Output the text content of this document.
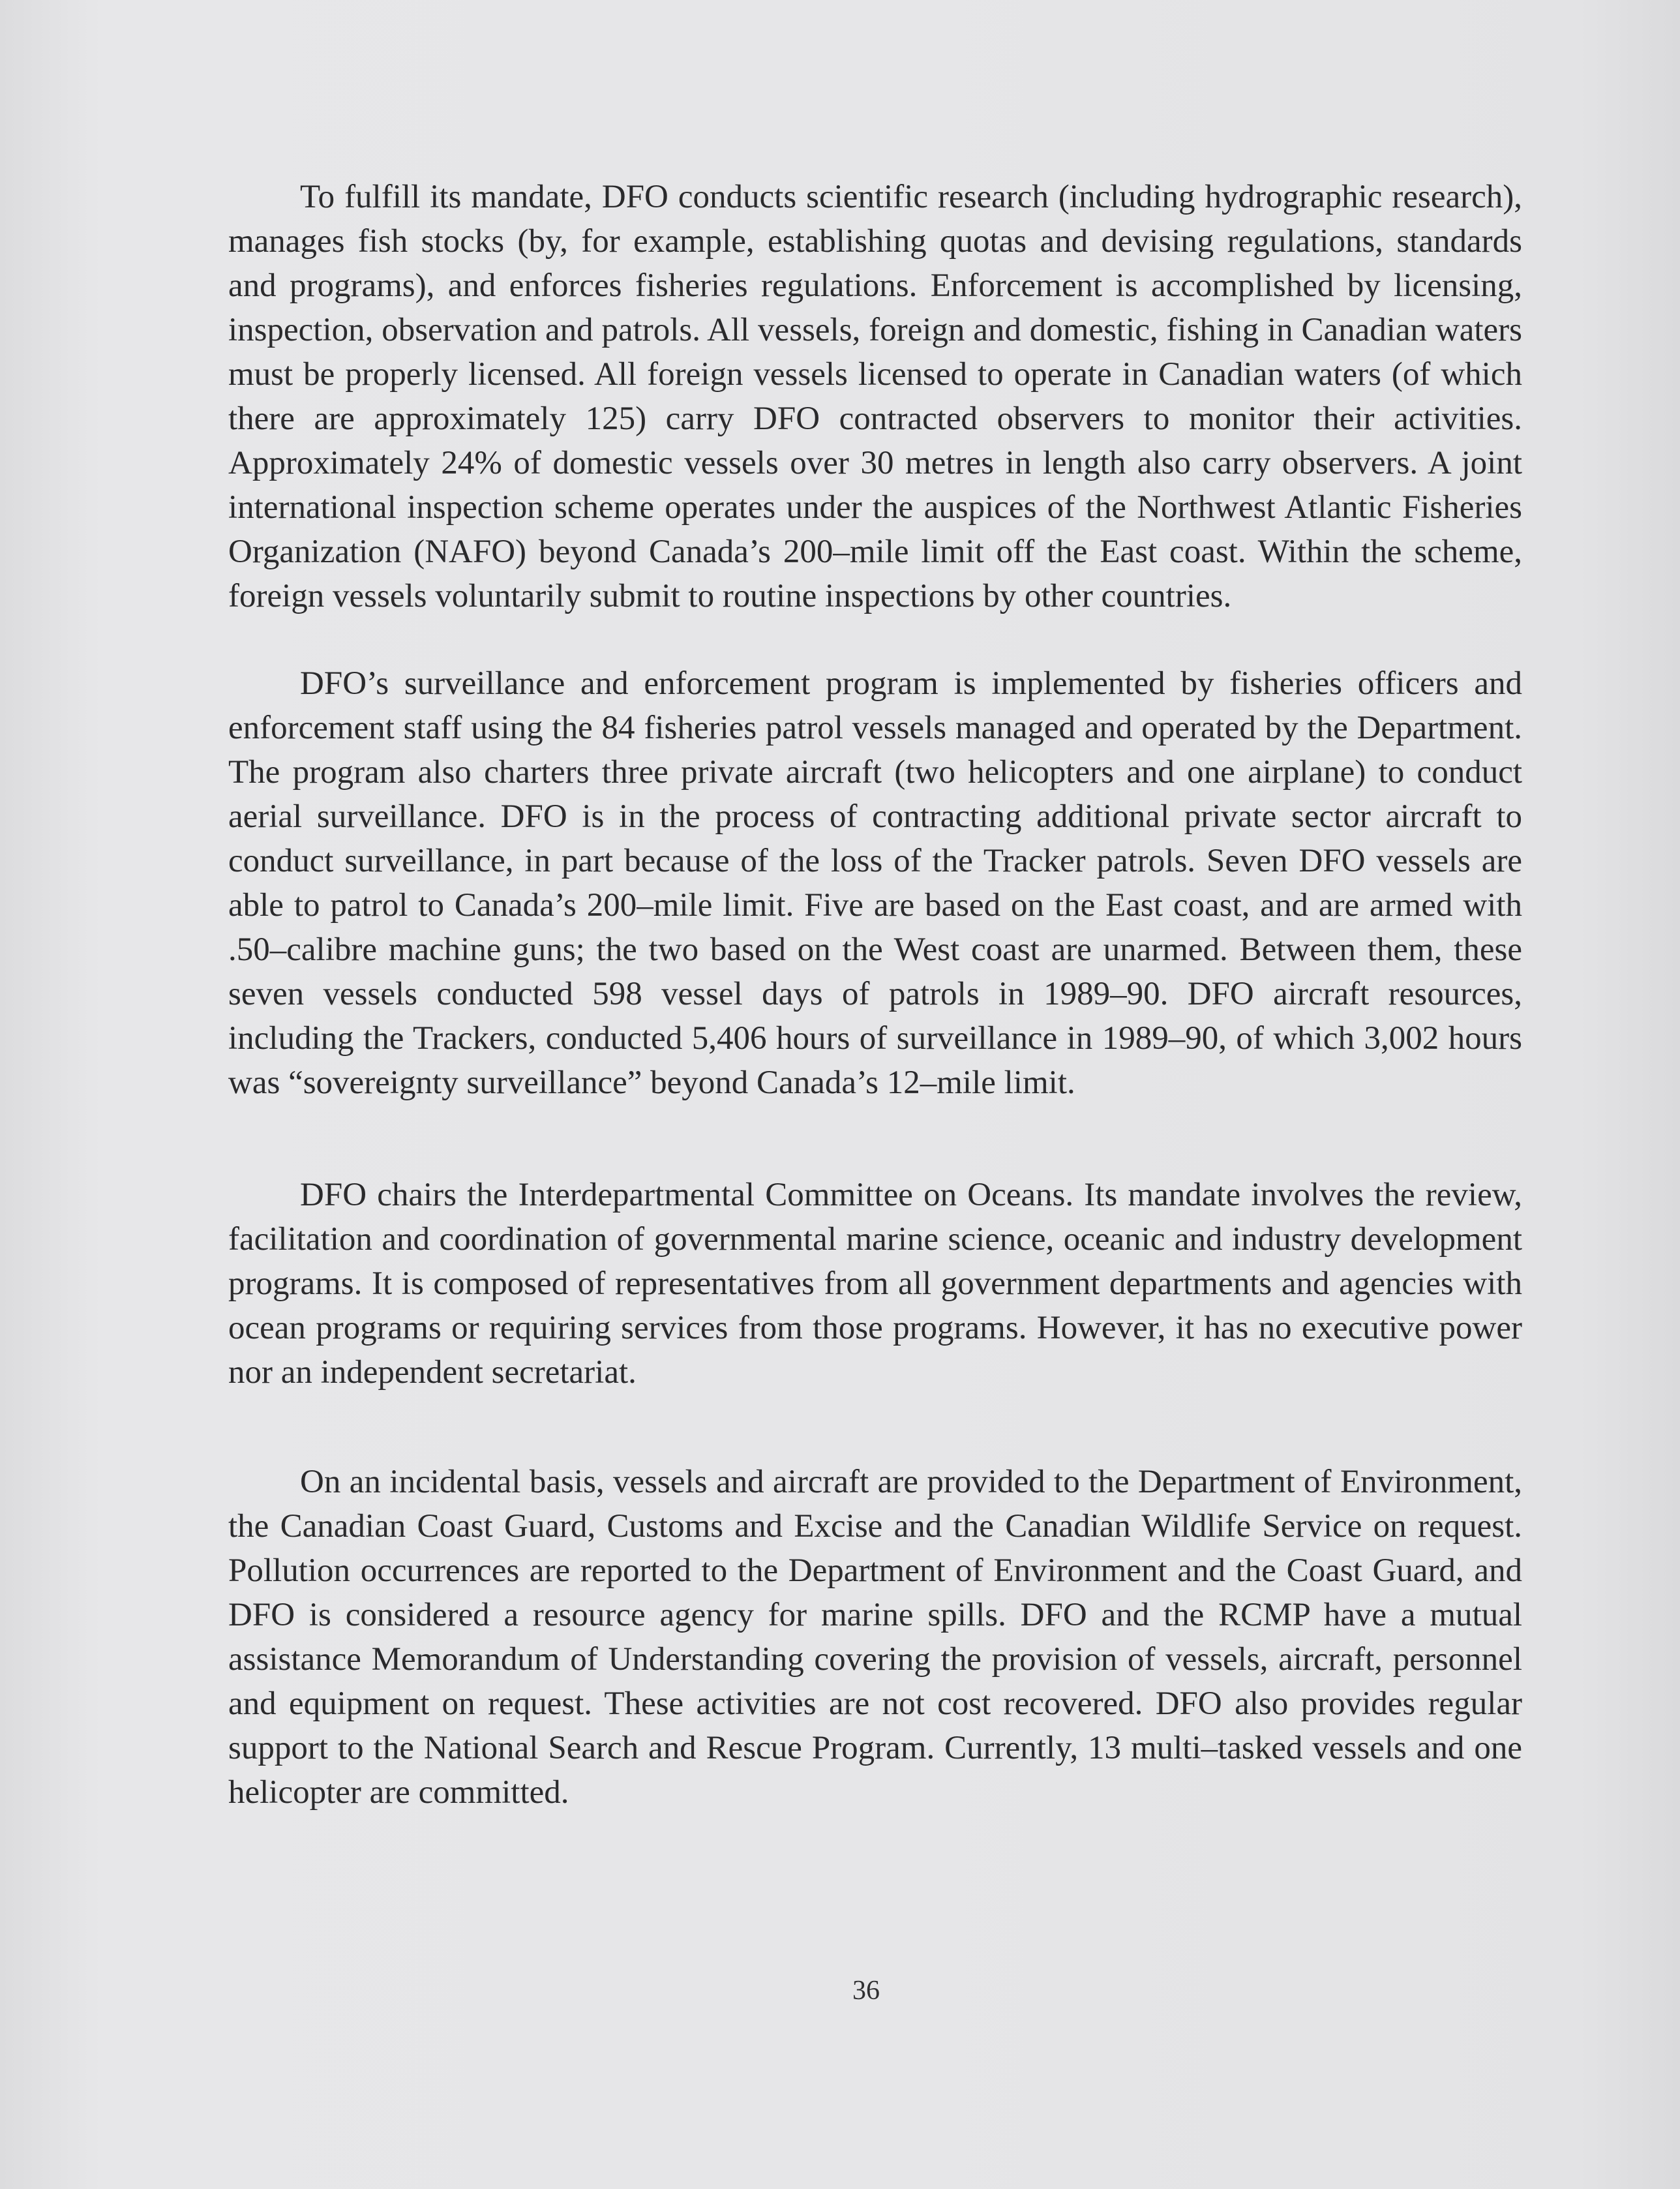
To fulfill its mandate, DFO conducts scientific research (including hydrographic research), manages fish stocks (by, for example, establishing quotas and devising regulations, standards and programs), and enforces fisheries regulations. Enforcement is accomplished by licensing, inspection, observation and patrols. All vessels, foreign and domestic, fishing in Canadian waters must be properly licensed. All foreign vessels licensed to operate in Canadian waters (of which there are approximately 125) carry DFO contracted observers to monitor their activities. Approximately 24% of domestic vessels over 30 metres in length also carry observers. A joint international inspection scheme operates under the auspices of the Northwest Atlantic Fisheries Organization (NAFO) beyond Canada’s 200–mile limit off the East coast. Within the scheme, foreign vessels voluntarily submit to routine inspections by other countries.

DFO’s surveillance and enforcement program is implemented by fisheries officers and enforcement staff using the 84 fisheries patrol vessels managed and operated by the Department. The program also charters three private aircraft (two helicopters and one airplane) to conduct aerial surveillance. DFO is in the process of contracting additional private sector aircraft to conduct surveillance, in part because of the loss of the Tracker patrols. Seven DFO vessels are able to patrol to Canada’s 200–mile limit. Five are based on the East coast, and are armed with .50–calibre machine guns; the two based on the West coast are unarmed. Between them, these seven vessels conducted 598 vessel days of patrols in 1989–90. DFO aircraft resources, including the Trackers, conducted 5,406 hours of surveillance in 1989–90, of which 3,002 hours was “sovereignty surveillance” beyond Canada’s 12–mile limit.

DFO chairs the Interdepartmental Committee on Oceans. Its mandate involves the review, facilitation and coordination of governmental marine science, oceanic and industry development programs. It is composed of representatives from all government departments and agencies with ocean programs or requiring services from those programs. However, it has no executive power nor an independent secretariat.

On an incidental basis, vessels and aircraft are provided to the Department of Environment, the Canadian Coast Guard, Customs and Excise and the Canadian Wildlife Service on request. Pollution occurrences are reported to the Department of Environment and the Coast Guard, and DFO is considered a resource agency for marine spills. DFO and the RCMP have a mutual assistance Memorandum of Understanding covering the provision of vessels, aircraft, personnel and equipment on request. These activities are not cost recovered. DFO also provides regular support to the National Search and Rescue Program. Currently, 13 multi–tasked vessels and one helicopter are committed.

36
